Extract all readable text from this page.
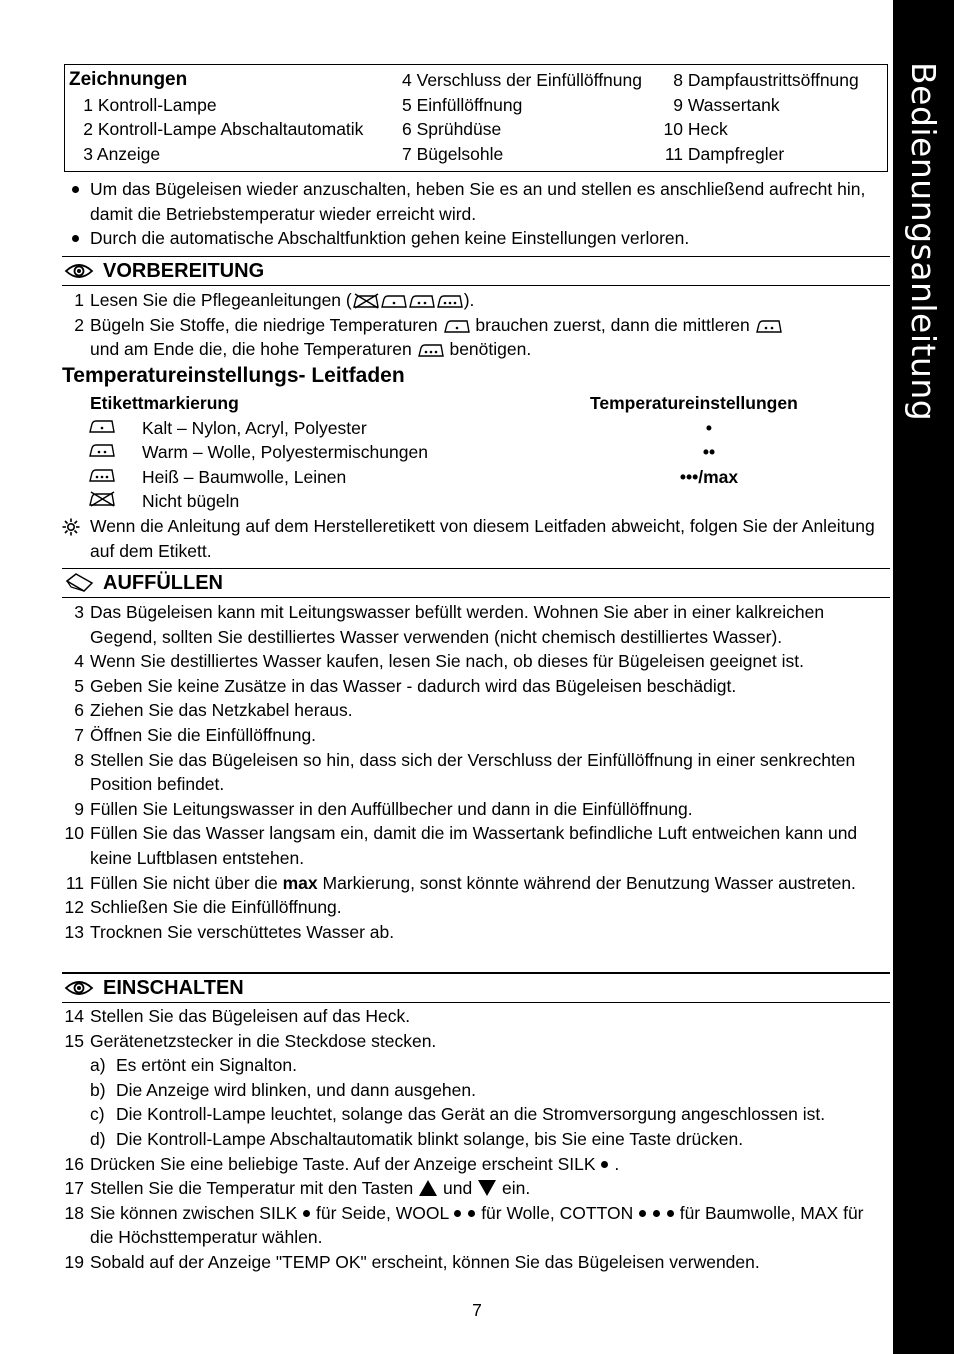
Bedienungsanleitung
Zeichnungen
1 Kontroll-Lampe
2 Kontroll-Lampe Abschaltautomatik
3 Anzeige
4 Verschluss der Einfüllöffnung
5 Einfüllöffnung
6 Sprühdüse
7 Bügelsohle
8 Dampfaustrittsöffnung
9 Wassertank
10 Heck
11 Dampfregler
Um das Bügeleisen wieder anzuschalten, heben Sie es an und stellen es anschließend aufrecht hin, damit die Betriebstemperatur wieder erreicht wird.
Durch die automatische Abschaltfunktion gehen keine Einstellungen verloren.
VORBEREITUNG
1 Lesen Sie die Pflegeanleitungen (	).
2 Bügeln Sie Stoffe, die niedrige Temperaturen brauchen zuerst, dann die mittleren
und am Ende die, die hohe Temperaturen benötigen.
Temperatureinstellungs- Leitfaden
Etikettmarkierung	Temperatureinstellungen
Kalt – Nylon, Acryl, Polyester	•
Warm – Wolle, Polyestermischungen	••
Heiß – Baumwolle, Leinen	•••/max
Nicht bügeln
Wenn die Anleitung auf dem Herstelleretikett von diesem Leitfaden abweicht, folgen Sie der Anleitung auf dem Etikett.
AUFFÜLLEN
3 Das Bügeleisen kann mit Leitungswasser befüllt werden. Wohnen Sie aber in einer kalkreichen Gegend, sollten Sie destilliertes Wasser verwenden (nicht chemisch destilliertes Wasser).
4 Wenn Sie destilliertes Wasser kaufen, lesen Sie nach, ob dieses für Bügeleisen geeignet ist.
5 Geben Sie keine Zusätze in das Wasser - dadurch wird das Bügeleisen beschädigt.
6 Ziehen Sie das Netzkabel heraus.
7 Öffnen Sie die Einfüllöffnung.
8 Stellen Sie das Bügeleisen so hin, dass sich der Verschluss der Einfüllöffnung in einer senkrechten Position befindet.
9 Füllen Sie Leitungswasser in den Auffüllbecher und dann in die Einfüllöffnung.
10 Füllen Sie das Wasser langsam ein, damit die im Wassertank befindliche Luft entweichen kann und keine Luftblasen entstehen.
11 Füllen Sie nicht über die max Markierung, sonst könnte während der Benutzung Wasser austreten.
12 Schließen Sie die Einfüllöffnung.
13 Trocknen Sie verschüttetes Wasser ab.
EINSCHALTEN
14 Stellen Sie das Bügeleisen auf das Heck.
15 Gerätenetzstecker in die Steckdose stecken.
a) Es ertönt ein Signalton.
b) Die Anzeige wird blinken, und dann ausgehen.
c) Die Kontroll-Lampe leuchtet, solange das Gerät an die Stromversorgung angeschlossen ist.
d) Die Kontroll-Lampe Abschaltautomatik blinkt solange, bis Sie eine Taste drücken.
16 Drücken Sie eine beliebige Taste. Auf der Anzeige erscheint SILK .
17 Stellen Sie die Temperatur mit den Tasten und ein.
18 Sie können zwischen SILK für Seide, WOOL für Wolle, COTTON	für Baumwolle, MAX für die Höchsttemperatur wählen.
19 Sobald auf der Anzeige "TEMP OK" erscheint, können Sie das Bügeleisen verwenden.
7
